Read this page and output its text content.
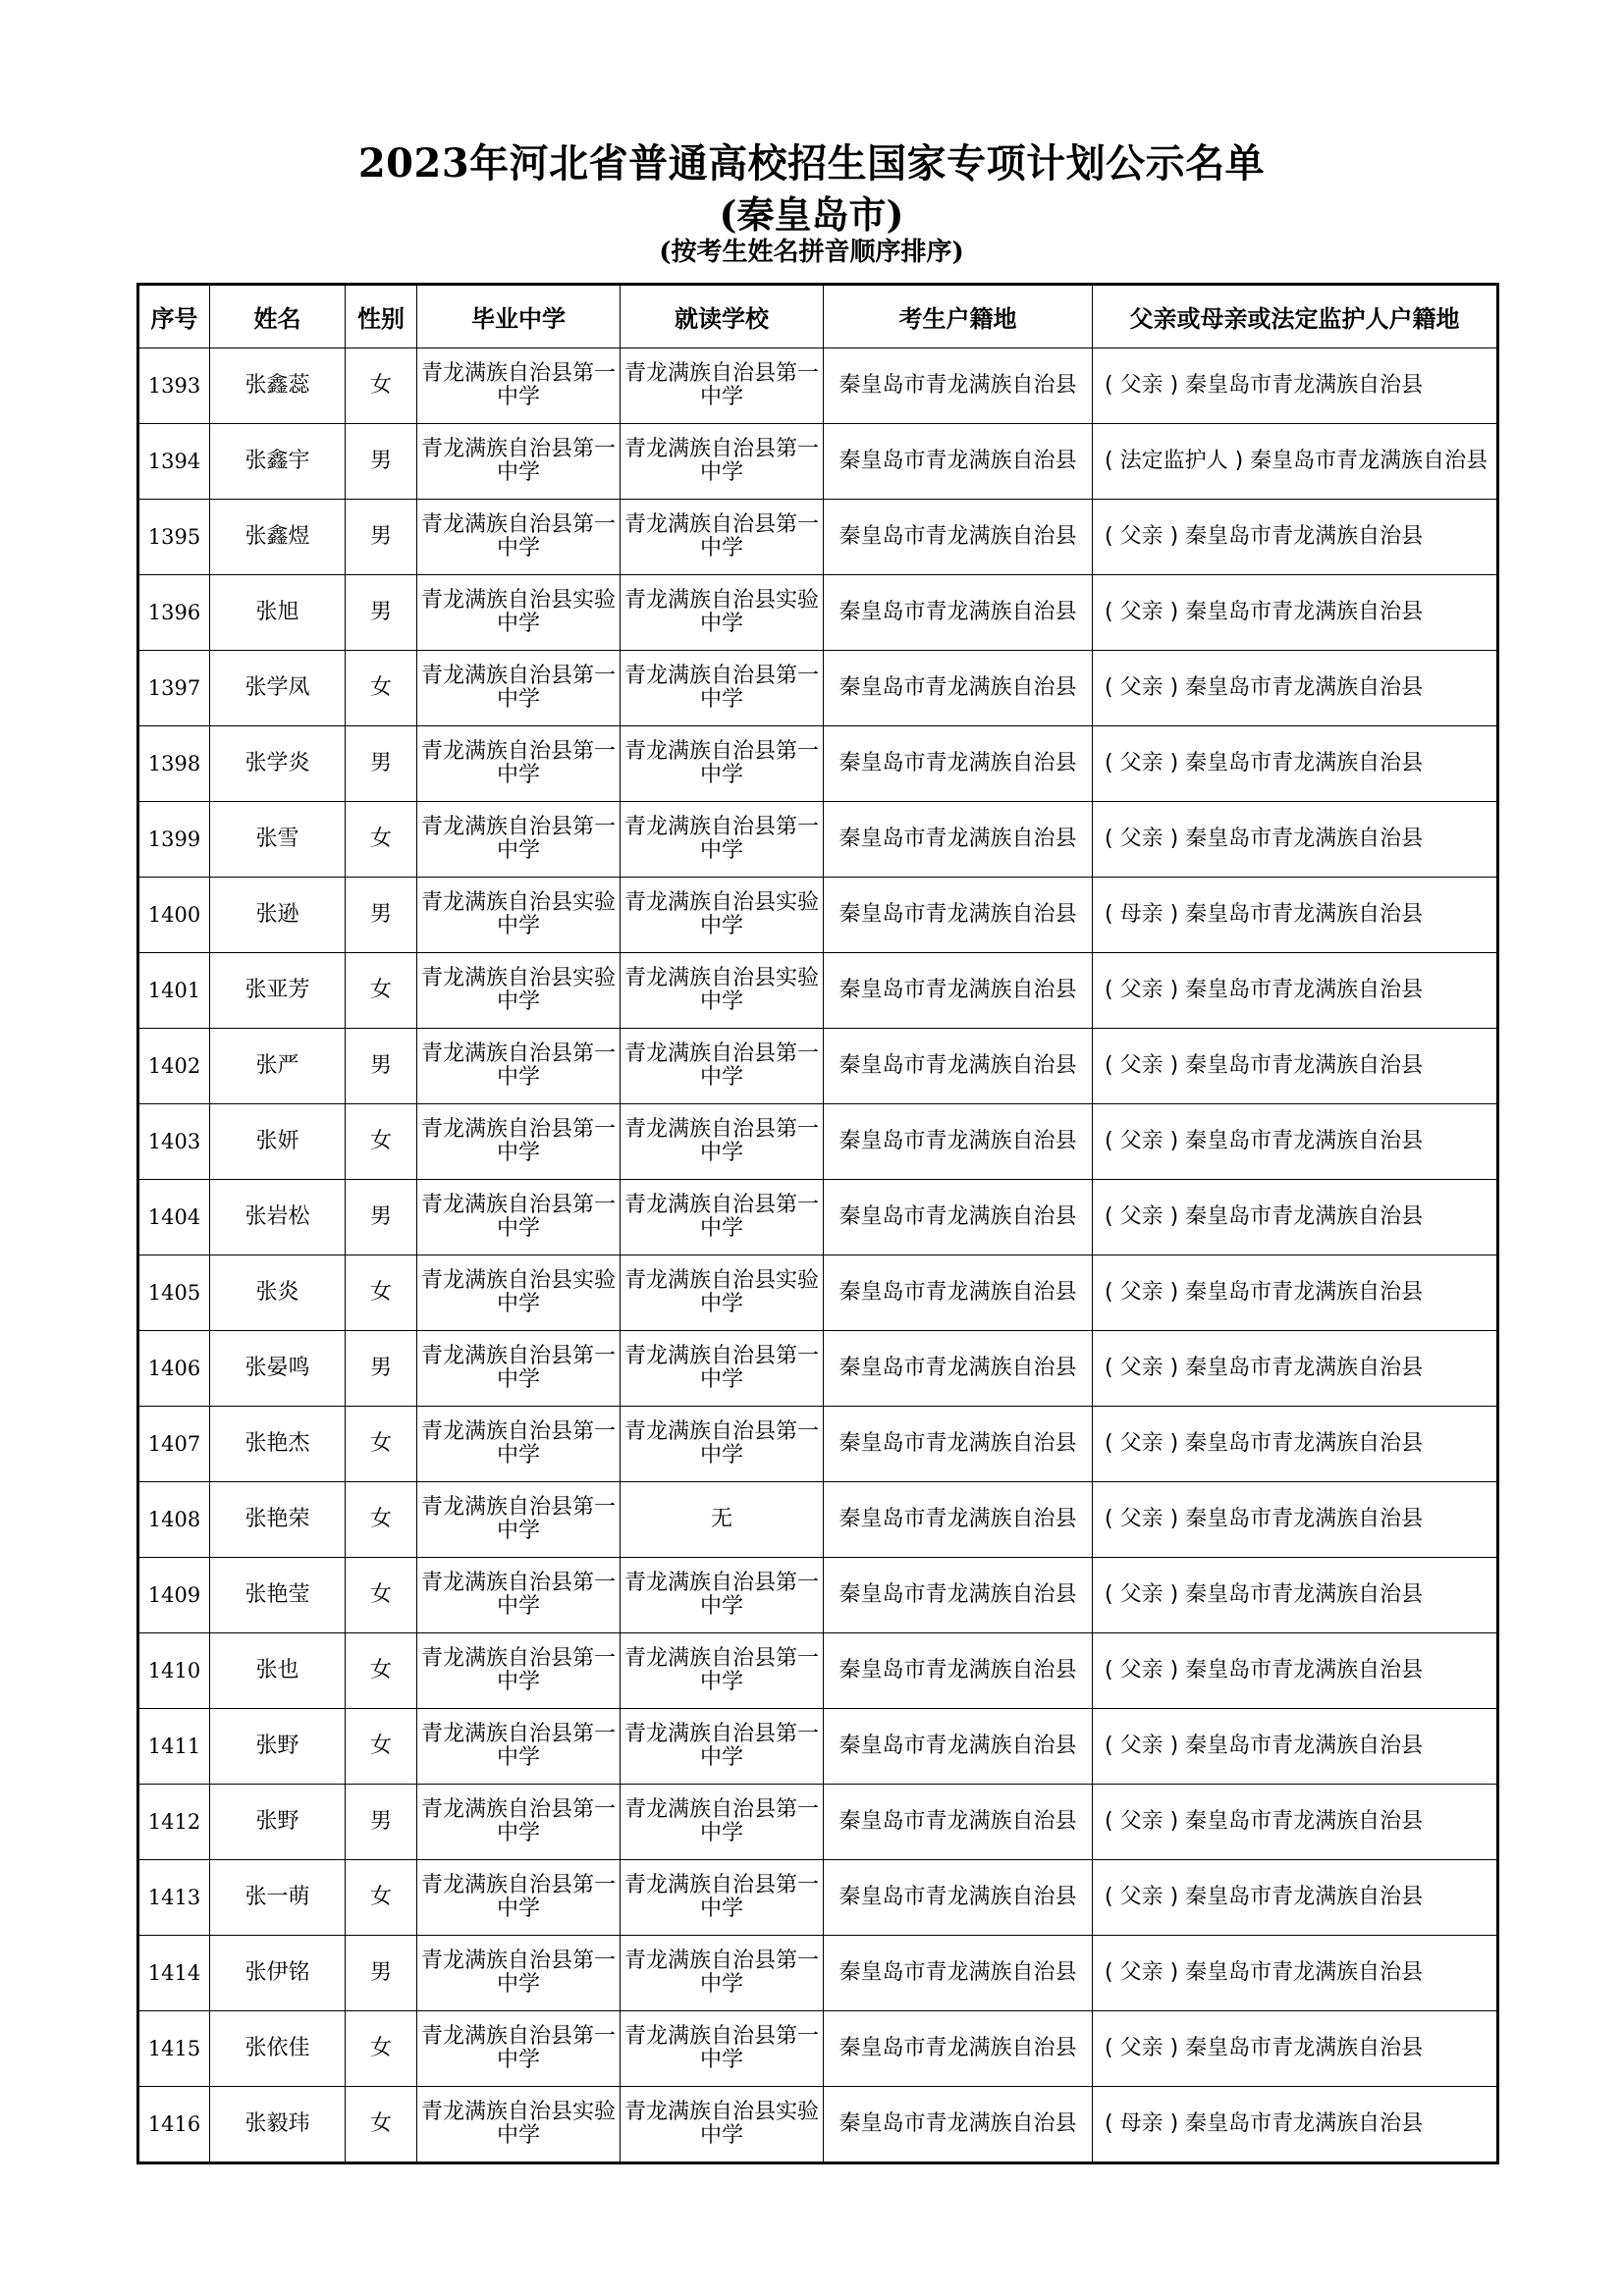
2023年河北省普通高校招生国家专项计划公示名单
(秦皇岛市)
(按考生姓名拼音顺序排序)
序号	姓名	性别	毕业中学	就读学校	考生户籍地	父亲或母亲或法定监护人户籍地
1393	张鑫蕊	女	青龙满族自治县第一中学	青龙满族自治县第一中学	秦皇岛市青龙满族自治县	( 父亲 ) 秦皇岛市青龙满族自治县
1394	张鑫宇	男	青龙满族自治县第一中学	青龙满族自治县第一中学	秦皇岛市青龙满族自治县	( 法定监护人 ) 秦皇岛市青龙满族自治县
1395	张鑫煜	男	青龙满族自治县第一中学	青龙满族自治县第一中学	秦皇岛市青龙满族自治县	( 父亲 ) 秦皇岛市青龙满族自治县
1396	张旭	男	青龙满族自治县实验中学	青龙满族自治县实验中学	秦皇岛市青龙满族自治县	( 父亲 ) 秦皇岛市青龙满族自治县
1397	张学凤	女	青龙满族自治县第一中学	青龙满族自治县第一中学	秦皇岛市青龙满族自治县	( 父亲 ) 秦皇岛市青龙满族自治县
1398	张学炎	男	青龙满族自治县第一中学	青龙满族自治县第一中学	秦皇岛市青龙满族自治县	( 父亲 ) 秦皇岛市青龙满族自治县
1399	张雪	女	青龙满族自治县第一中学	青龙满族自治县第一中学	秦皇岛市青龙满族自治县	( 父亲 ) 秦皇岛市青龙满族自治县
1400	张逊	男	青龙满族自治县实验中学	青龙满族自治县实验中学	秦皇岛市青龙满族自治县	( 母亲 ) 秦皇岛市青龙满族自治县
1401	张亚芳	女	青龙满族自治县实验中学	青龙满族自治县实验中学	秦皇岛市青龙满族自治县	( 父亲 ) 秦皇岛市青龙满族自治县
1402	张严	男	青龙满族自治县第一中学	青龙满族自治县第一中学	秦皇岛市青龙满族自治县	( 父亲 ) 秦皇岛市青龙满族自治县
1403	张妍	女	青龙满族自治县第一中学	青龙满族自治县第一中学	秦皇岛市青龙满族自治县	( 父亲 ) 秦皇岛市青龙满族自治县
1404	张岩松	男	青龙满族自治县第一中学	青龙满族自治县第一中学	秦皇岛市青龙满族自治县	( 父亲 ) 秦皇岛市青龙满族自治县
1405	张炎	女	青龙满族自治县实验中学	青龙满族自治县实验中学	秦皇岛市青龙满族自治县	( 父亲 ) 秦皇岛市青龙满族自治县
1406	张晏鸣	男	青龙满族自治县第一中学	青龙满族自治县第一中学	秦皇岛市青龙满族自治县	( 父亲 ) 秦皇岛市青龙满族自治县
1407	张艳杰	女	青龙满族自治县第一中学	青龙满族自治县第一中学	秦皇岛市青龙满族自治县	( 父亲 ) 秦皇岛市青龙满族自治县
1408	张艳荣	女	青龙满族自治县第一中学	无	秦皇岛市青龙满族自治县	( 父亲 ) 秦皇岛市青龙满族自治县
1409	张艳莹	女	青龙满族自治县第一中学	青龙满族自治县第一中学	秦皇岛市青龙满族自治县	( 父亲 ) 秦皇岛市青龙满族自治县
1410	张也	女	青龙满族自治县第一中学	青龙满族自治县第一中学	秦皇岛市青龙满族自治县	( 父亲 ) 秦皇岛市青龙满族自治县
1411	张野	女	青龙满族自治县第一中学	青龙满族自治县第一中学	秦皇岛市青龙满族自治县	( 父亲 ) 秦皇岛市青龙满族自治县
1412	张野	男	青龙满族自治县第一中学	青龙满族自治县第一中学	秦皇岛市青龙满族自治县	( 父亲 ) 秦皇岛市青龙满族自治县
1413	张一萌	女	青龙满族自治县第一中学	青龙满族自治县第一中学	秦皇岛市青龙满族自治县	( 父亲 ) 秦皇岛市青龙满族自治县
1414	张伊铭	男	青龙满族自治县第一中学	青龙满族自治县第一中学	秦皇岛市青龙满族自治县	( 父亲 ) 秦皇岛市青龙满族自治县
1415	张依佳	女	青龙满族自治县第一中学	青龙满族自治县第一中学	秦皇岛市青龙满族自治县	( 父亲 ) 秦皇岛市青龙满族自治县
1416	张毅玮	女	青龙满族自治县实验中学	青龙满族自治县实验中学	秦皇岛市青龙满族自治县	( 母亲 ) 秦皇岛市青龙满族自治县
